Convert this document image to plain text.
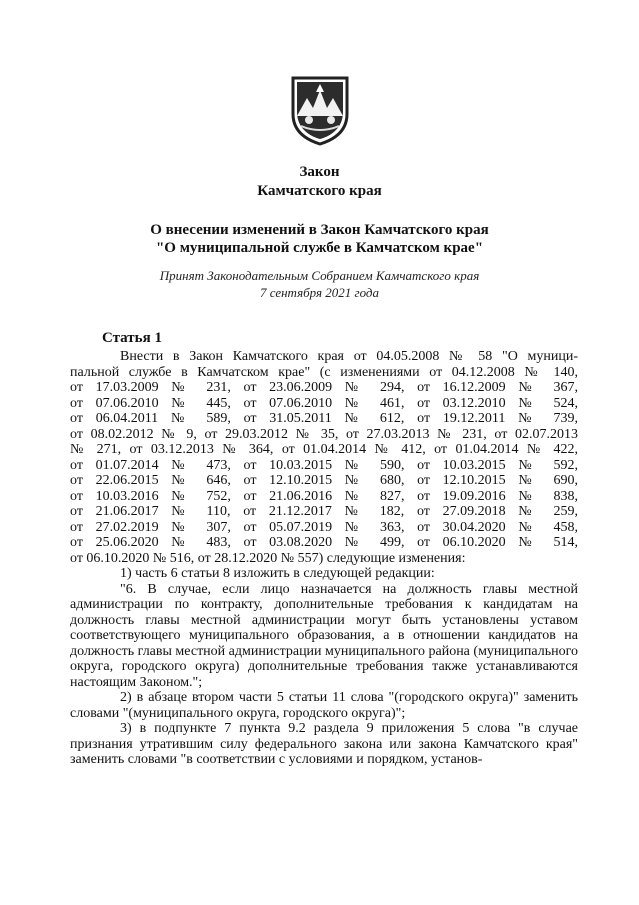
Закон
Камчатского края
О внесении изменений в Закон Камчатского края
"О муниципальной службе в Камчатском крае"
Принят Законодательным Собранием Камчатского края
7 сентября 2021 года
Статья 1

Внести в Закон Камчатского края от 04.05.2008 № 58 "О муници-

пальной службе в Камчатском крае" (с изменениями от 04.12.2008 № 140,

от 17.03.2009 № 231, от 23.06.2009 № 294, от 16.12.2009 № 367,

от 07.06.2010 № 445, от 07.06.2010 № 461, от 03.12.2010 № 524,

от 06.04.2011 № 589, от 31.05.2011 № 612, от 19.12.2011 № 739,

от 08.02.2012 № 9, от 29.03.2012 № 35, от 27.03.2013 № 231, от 02.07.2013

№ 271, от 03.12.2013 № 364, от 01.04.2014 № 412, от 01.04.2014 № 422,

от 01.07.2014 № 473, от 10.03.2015 № 590, от 10.03.2015 № 592,

от 22.06.2015 № 646, от 12.10.2015 № 680, от 12.10.2015 № 690,

от 10.03.2016 № 752, от 21.06.2016 № 827, от 19.09.2016 № 838,

от 21.06.2017 № 110, от 21.12.2017 № 182, от 27.09.2018 № 259,

от 27.02.2019 № 307, от 05.07.2019 № 363, от 30.04.2020 № 458,

от 25.06.2020 № 483, от 03.08.2020 № 499, от 06.10.2020 № 514,

от 06.10.2020 № 516, от 28.12.2020 № 557) следующие изменения:

1) часть 6 статьи 8 изложить в следующей редакции:

"6. В случае, если лицо назначается на должность главы местной администрации по контракту, дополнительные требования к кандидатам на должность главы местной администрации могут быть установлены уставом соответствующего муниципального образования, а в отношении кандидатов на должность главы местной администрации муниципального района (муниципального округа, городского округа) дополнительные требования также устанавливаются настоящим Законом.";

2) в абзаце втором части 5 статьи 11 слова "(городского округа)" заменить словами "(муниципального округа, городского округа)";

3) в подпункте 7 пункта 9.2 раздела 9 приложения 5 слова "в случае признания утратившим силу федерального закона или закона Камчатского края" заменить словами "в соответствии с условиями и порядком, установ-
